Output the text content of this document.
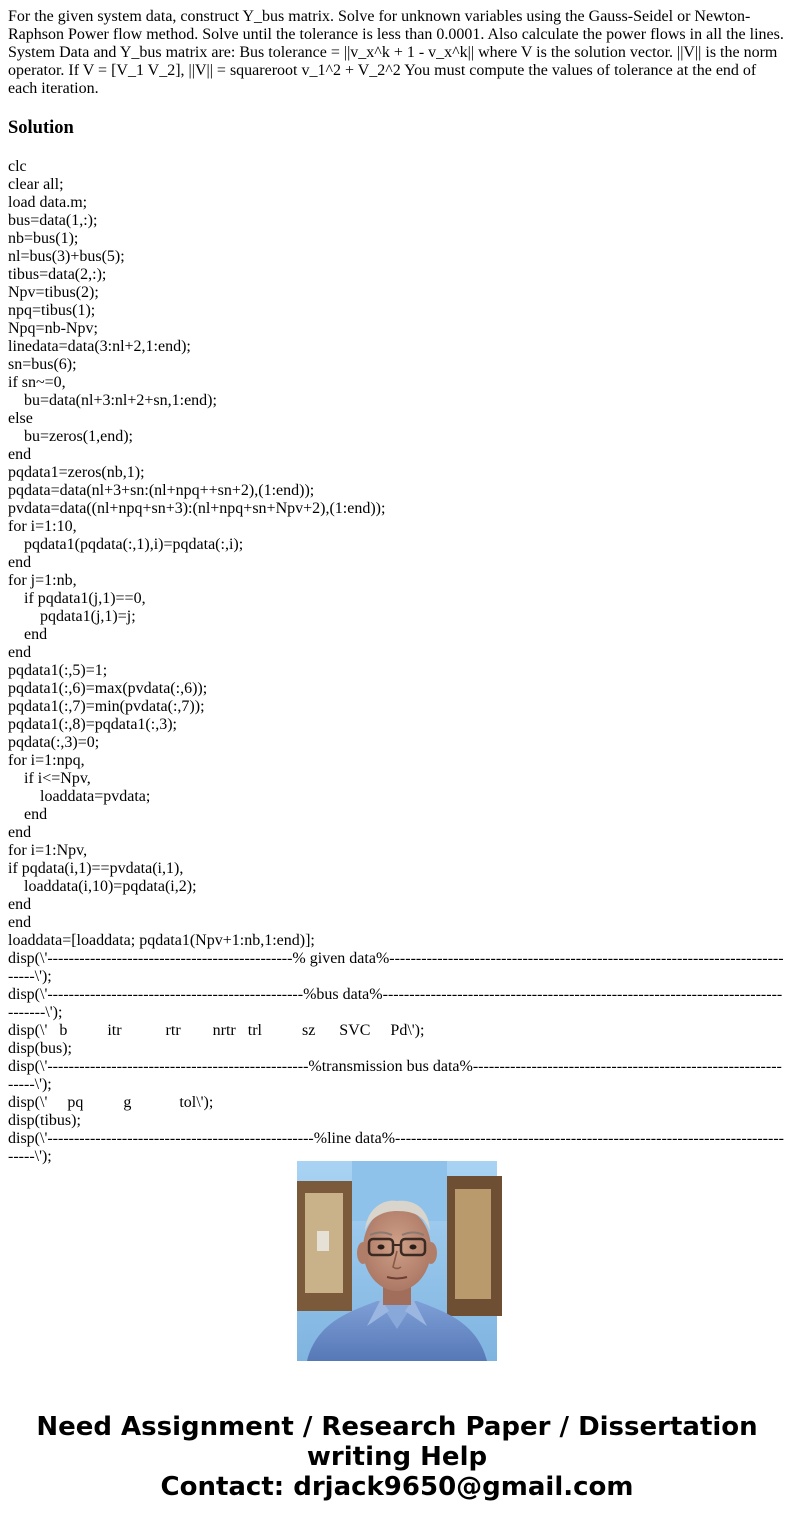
For the given system data, construct Y_bus matrix. Solve for unknown variables using the Gauss-Seidel or Newton-Raphson Power flow method. Solve until the tolerance is less than 0.0001. Also calculate the power flows in all the lines. System Data and Y_bus matrix are: Bus tolerance = ||v_x^k + 1 - v_x^k|| where V is the solution vector. ||V|| is the norm operator. If V = [V_1 V_2], ||V|| = squareroot v_1^2 + V_2^2 You must compute the values of tolerance at the end of each iteration.
Solution
clc
clear all;
load data.m;
bus=data(1,:);
nb=bus(1);
nl=bus(3)+bus(5);
tibus=data(2,:);
Npv=tibus(2);
npq=tibus(1);
Npq=nb-Npv;
linedata=data(3:nl+2,1:end);
sn=bus(6);
if sn~=0,
bu=data(nl+3:nl+2+sn,1:end);
else
bu=zeros(1,end);
end
pqdata1=zeros(nb,1);
pqdata=data(nl+3+sn:(nl+npq++sn+2),(1:end));
pvdata=data((nl+npq+sn+3):(nl+npq+sn+Npv+2),(1:end));
for i=1:10,
pqdata1(pqdata(:,1),i)=pqdata(:,i);
end
for j=1:nb,
if pqdata1(j,1)==0,
pqdata1(j,1)=j;
end
end
pqdata1(:,5)=1;
pqdata1(:,6)=max(pvdata(:,6));
pqdata1(:,7)=min(pvdata(:,7));
pqdata1(:,8)=pqdata1(:,3);
pqdata(:,3)=0;
for i=1:npq,
if i<=Npv,
loaddata=pvdata;
end
end
for i=1:Npv,
if pqdata(i,1)==pvdata(i,1),
loaddata(i,10)=pqdata(i,2);
end
end
loaddata=[loaddata; pqdata1(Npv+1:nb,1:end)];
disp(\'----------------------------------------------% given data%-------------------------------------------------------------------------------\');
disp(\'------------------------------------------------%bus data%----------------------------------------------------------------------------------\');
disp(\'   b          itr           rtr        nrtr   trl          sz      SVC     Pd\');
disp(bus);
disp(\'-------------------------------------------------%transmission bus data%---------------------------------------------------------------\');
disp(\'     pq          g            tol\');
disp(tibus);
disp(\'--------------------------------------------------%line data%------------------------------------------------------------------------------\');
Need Assignment / Research Paper / Dissertation
writing Help
Contact: drjack9650@gmail.com
